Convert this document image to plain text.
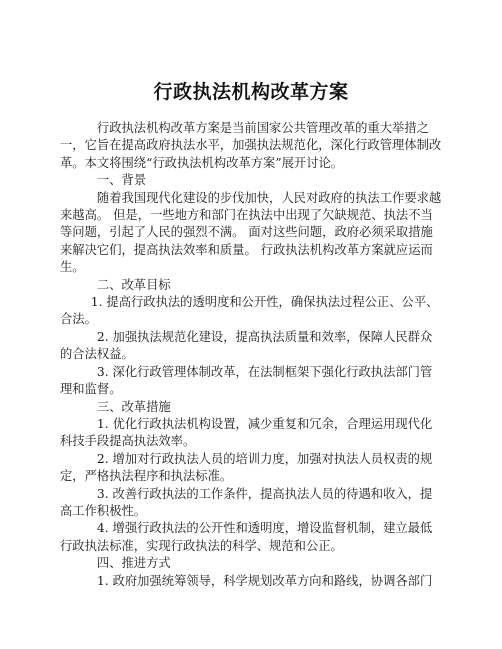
行政执法机构改革方案

行政执法机构改革方案是当前国家公共管理改革的重大举措之一，它旨在提高政府执法水平，加强执法规范化，深化行政管理体制改革。本文将围绕“行政执法机构改革方案”展开讨论。

一、背景

随着我国现代化建设的步伐加快，人民对政府的执法工作要求越来越高。 但是，一些地方和部门在执法中出现了欠缺规范、执法不当等问题，引起了人民的强烈不满。 面对这些问题，政府必须采取措施来解决它们，提高执法效率和质量。 行政执法机构改革方案就应运而生。

二、改革目标

1. 提高行政执法的透明度和公开性，确保执法过程公正、公平、合法。

2. 加强执法规范化建设，提高执法质量和效率，保障人民群众的合法权益。

3. 深化行政管理体制改革，在法制框架下强化行政执法部门管理和监督。

三、改革措施

1. 优化行政执法机构设置，减少重复和冗余，合理运用现代化科技手段提高执法效率。

2. 增加对行政执法人员的培训力度，加强对执法人员权责的规定，严格执法程序和执法标准。

3. 改善行政执法的工作条件，提高执法人员的待遇和收入，提高工作积极性。

4. 增强行政执法的公开性和透明度，增设监督机制，建立最低行政执法标准，实现行政执法的科学、规范和公正。

四、推进方式

1. 政府加强统筹领导，科学规划改革方向和路线，协调各部门
